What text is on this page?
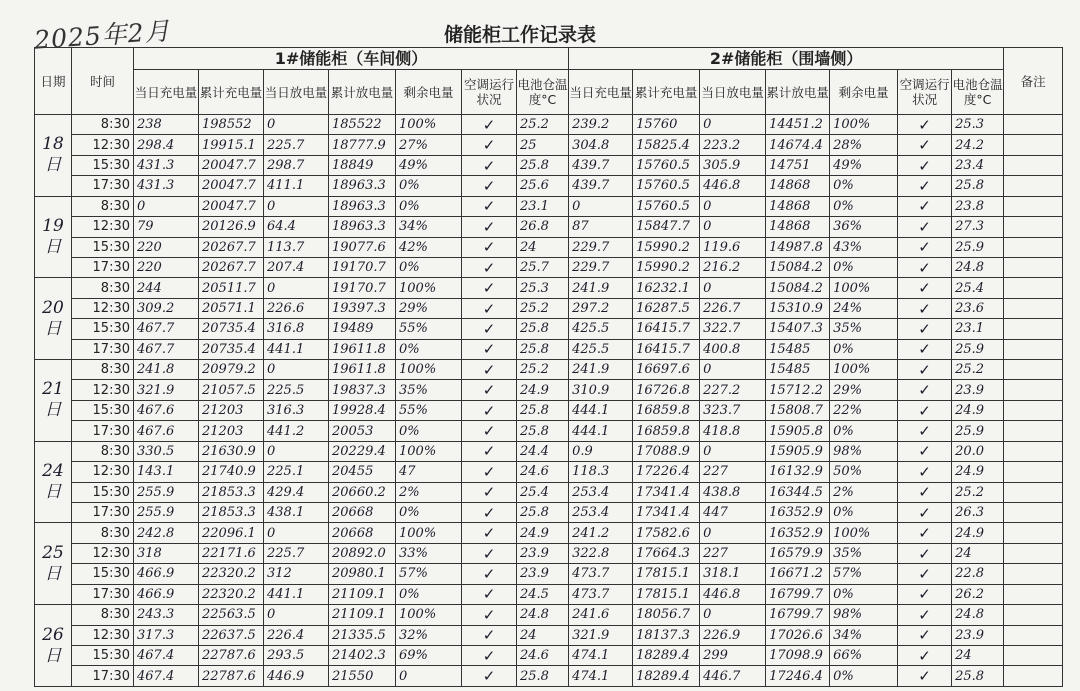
2025年2月	储能柜工作记录表
日期	时间	1#储能柜（车间侧）							2#储能柜（围墙侧）							备注
		当日充电量	累计充电量	当日放电量	累计放电量	剩余电量	空调运行状况	电池仓温度°C	当日充电量	累计充电量	当日放电量	累计放电量	剩余电量	空调运行状况	电池仓温度°C	
18日	8:30	238	198552	0	185522	100%	✓	25.2	239.2	15760	0	14451.2	100%	✓	25.3	
	12:30	298.4	19915.1	225.7	18777.9	27%	✓	25	304.8	15825.4	223.2	14674.4	28%	✓	24.2	
	15:30	431.3	20047.7	298.7	18849	49%	✓	25.8	439.7	15760.5	305.9	14751	49%	✓	23.4	
	17:30	431.3	20047.7	411.1	18963.3	0%	✓	25.6	439.7	15760.5	446.8	14868	0%	✓	25.8	
19日	8:30	0	20047.7	0	18963.3	0%	✓	23.1	0	15760.5	0	14868	0%	✓	23.8	
	12:30	79	20126.9	64.4	18963.3	34%	✓	26.8	87	15847.7	0	14868	36%	✓	27.3	
	15:30	220	20267.7	113.7	19077.6	42%	✓	24	229.7	15990.2	119.6	14987.8	43%	✓	25.9	
	17:30	220	20267.7	207.4	19170.7	0%	✓	25.7	229.7	15990.2	216.2	15084.2	0%	✓	24.8	
20日	8:30	244	20511.7	0	19170.7	100%	✓	25.3	241.9	16232.1	0	15084.2	100%	✓	25.4	
	12:30	309.2	20571.1	226.6	19397.3	29%	✓	25.2	297.2	16287.5	226.7	15310.9	24%	✓	23.6	
	15:30	467.7	20735.4	316.8	19489	55%	✓	25.8	425.5	16415.7	322.7	15407.3	35%	✓	23.1	
	17:30	467.7	20735.4	441.1	19611.8	0%	✓	25.8	425.5	16415.7	400.8	15485	0%	✓	25.9	
21日	8:30	241.8	20979.2	0	19611.8	100%	✓	25.2	241.9	16697.6	0	15485	100%	✓	25.2	
	12:30	321.9	21057.5	225.5	19837.3	35%	✓	24.9	310.9	16726.8	227.2	15712.2	29%	✓	23.9	
	15:30	467.6	21203	316.3	19928.4	55%	✓	25.8	444.1	16859.8	323.7	15808.7	22%	✓	24.9	
	17:30	467.6	21203	441.2	20053	0%	✓	25.8	444.1	16859.8	418.8	15905.8	0%	✓	25.9	
24日	8:30	330.5	21630.9	0	20229.4	100%	✓	24.4	0.9	17088.9	0	15905.9	98%	✓	20.0	
	12:30	143.1	21740.9	225.1	20455	47	✓	24.6	118.3	17226.4	227	16132.9	50%	✓	24.9	
	15:30	255.9	21853.3	429.4	20660.2	2%	✓	25.4	253.4	17341.4	438.8	16344.5	2%	✓	25.2	
	17:30	255.9	21853.3	438.1	20668	0%	✓	25.8	253.4	17341.4	447	16352.9	0%	✓	26.3	
25日	8:30	242.8	22096.1	0	20668	100%	✓	24.9	241.2	17582.6	0	16352.9	100%	✓	24.9	
	12:30	318	22171.6	225.7	20892.0	33%	✓	23.9	322.8	17664.3	227	16579.9	35%	✓	24	
	15:30	466.9	22320.2	312	20980.1	57%	✓	23.9	473.7	17815.1	318.1	16671.2	57%	✓	22.8	
	17:30	466.9	22320.2	441.1	21109.1	0%	✓	24.5	473.7	17815.1	446.8	16799.7	0%	✓	26.2	
26日	8:30	243.3	22563.5	0	21109.1	100%	✓	24.8	241.6	18056.7	0	16799.7	98%	✓	24.8	
	12:30	317.3	22637.5	226.4	21335.5	32%	✓	24	321.9	18137.3	226.9	17026.6	34%	✓	23.9	
	15:30	467.4	22787.6	293.5	21402.3	69%	✓	24.6	474.1	18289.4	299	17098.9	66%	✓	24	
	17:30	467.4	22787.6	446.9	21550	0	✓	25.8	474.1	18289.4	446.7	17246.4	0%	✓	25.8	
